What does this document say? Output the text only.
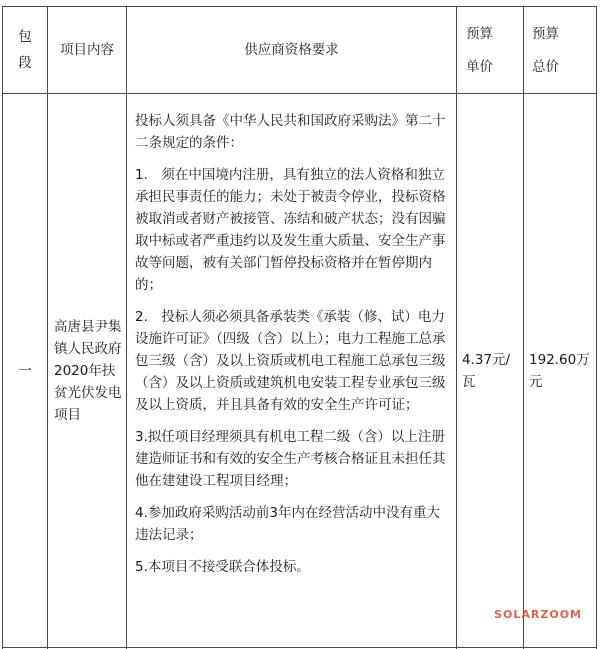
包
段
项目内容	供应商资格要求
预算
单价
预算
总价
一
高唐县尹集镇人民政府2020年扶贫光伏发电项目

投标人须具备《中华人民共和国政府采购法》第二十二条规定的条件：

1.　须在中国境内注册，具有独立的法人资格和独立承担民事责任的能力；未处于被责令停业，投标资格被取消或者财产被接管、冻结和破产状态；没有因骗取中标或者严重违约以及发生重大质量、安全生产事故等问题，被有关部门暂停投标资格并在暂停期内的；

2.　投标人须必须具备承装类《承装（修、试）电力设施许可证》（四级（含）以上）；电力工程施工总承包三级（含）及以上资质或机电工程施工总承包三级（含）及以上资质或建筑机电安装工程专业承包三级及以上资质，并且具备有效的安全生产许可证；

3.拟任项目经理须具有机电工程二级（含）以上注册建造师证书和有效的安全生产考核合格证且未担任其他在建建设工程项目经理；

4.参加政府采购活动前3年内在经营活动中没有重大违法记录；

5.本项目不接受联合体投标。

4.37元/瓦
192.60万元
SOLARZOOM
